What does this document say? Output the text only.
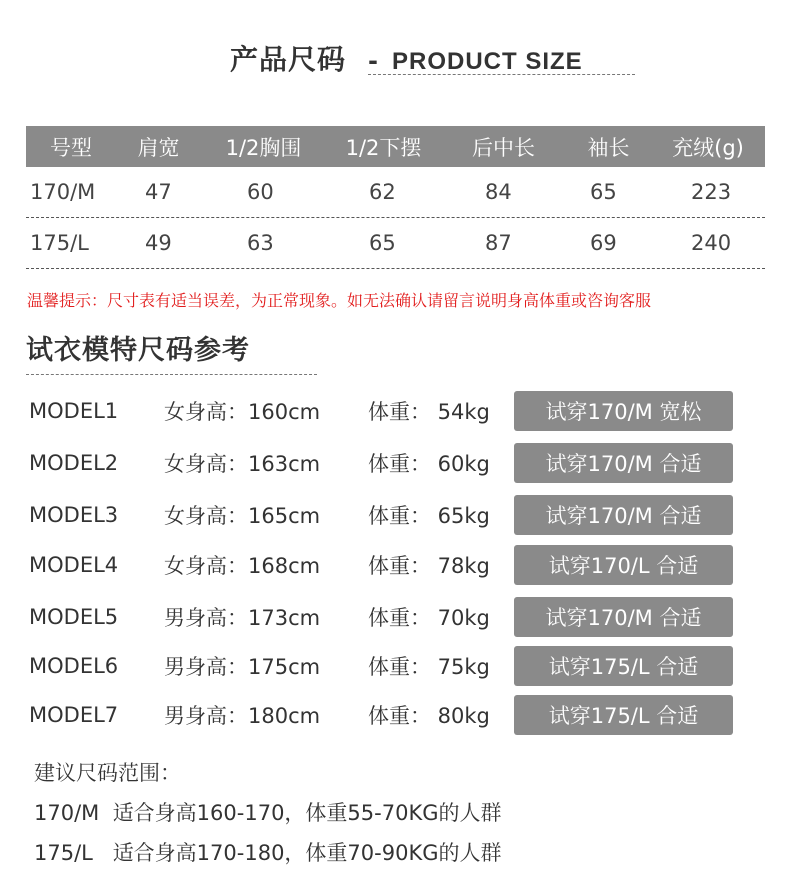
产品尺码 - PRODUCT SIZE
号型	肩宽	1/2胸围	1/2下摆	后中长	袖长	充绒(g)
170/M	47	60	62	84	65	223
175/L	49	63	65	87	69	240
温馨提示：尺寸表有适当误差，为正常现象。如无法确认请留言说明身高体重或咨询客服
试衣模特尺码参考
MODEL1	女身高：160cm	体重： 54kg	试穿170/M 宽松
MODEL2	女身高：163cm	体重： 60kg	试穿170/M 合适
MODEL3	女身高：165cm	体重： 65kg	试穿170/M 合适
MODEL4	女身高：168cm	体重： 78kg	试穿170/L 合适
MODEL5	男身高：173cm	体重： 70kg	试穿170/M 合适
MODEL6	男身高：175cm	体重： 75kg	试穿175/L 合适
MODEL7	男身高：180cm	体重： 80kg	试穿175/L 合适
建议尺码范围：
170/M 适合身高160-170，体重55-70KG的人群
175/L 适合身高170-180，体重70-90KG的人群
